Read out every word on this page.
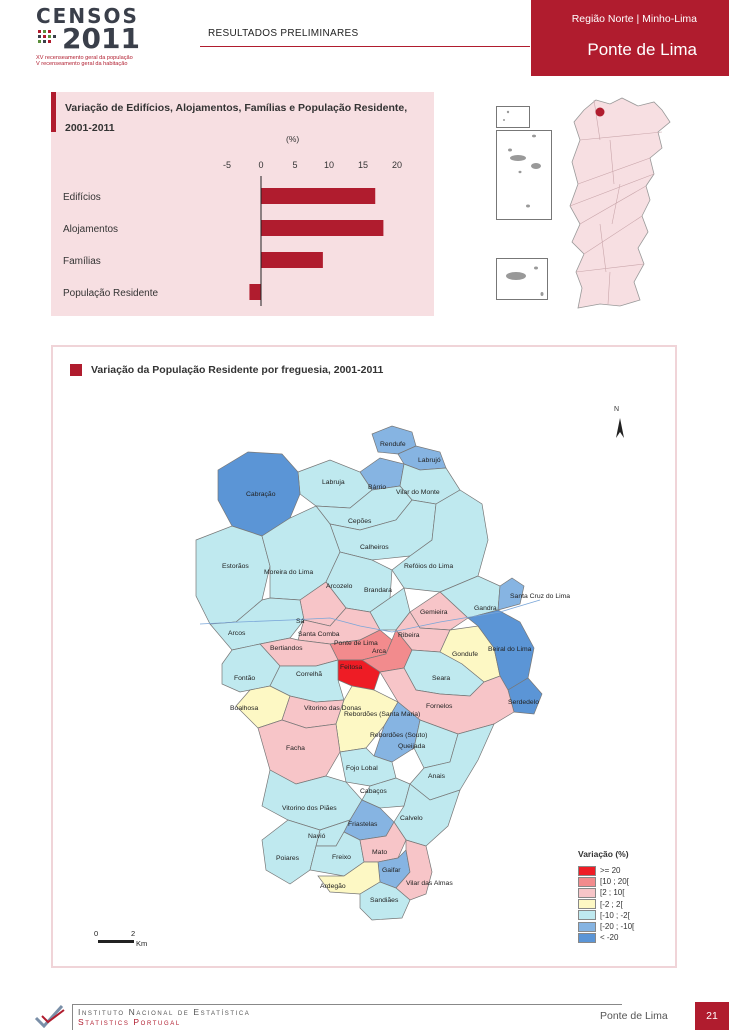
CENSOS
2011
XV recenseamento geral da população
V recenseamento geral da habitação
RESULTADOS PRELIMINARES
Região Norte | Minho-Lima
Ponte de Lima
Variação de Edifícios, Alojamentos, Famílias e População Residente, 2001-2011
(%)
-5	0	5	10	15	20
Edifícios
Alojamentos
Famílias
População Residente
Variação da População Residente por freguesia, 2001-2011
Rendufe
Labrujó
Labruja
Bárrio
Vilar do Monte
Cabração
Cepões
Calheiros
Estorãos
Moreira do Lima
Refóios do Lima
Arcozelo
Brandara
Santa Cruz do Lima
Gandra
Gemieira
Sá
Arcos	Santa Comba
Ponte de Lima
Ribeira
Arca	Gondufe
Beiral do Lima
Bertiandos
Feitosa
Fontão
Correlhã
Seara
Serdedelo
Boalhosa	Vitorino das Donas	Fornelos
Rebordões (Santa Maria)
Rebordões (Souto)
Queijada
Facha
Fojo Lobal
Anais
Cabaços
Vitorino dos Piães
Calvelo
Friastelas
Navió
Poiares	Freixo
Mato
Gaifar
Ardegão	Vilar das Almas
Sandiães
N
Variação (%)
>= 20
[10 ; 20[
[2 ; 10[
[-2 ; 2[
[-10 ; -2[
[-20 ; -10[
< -20
0	2
Km
Instituto Nacional de Estatística
Statistics Portugal	Ponte de Lima	21
